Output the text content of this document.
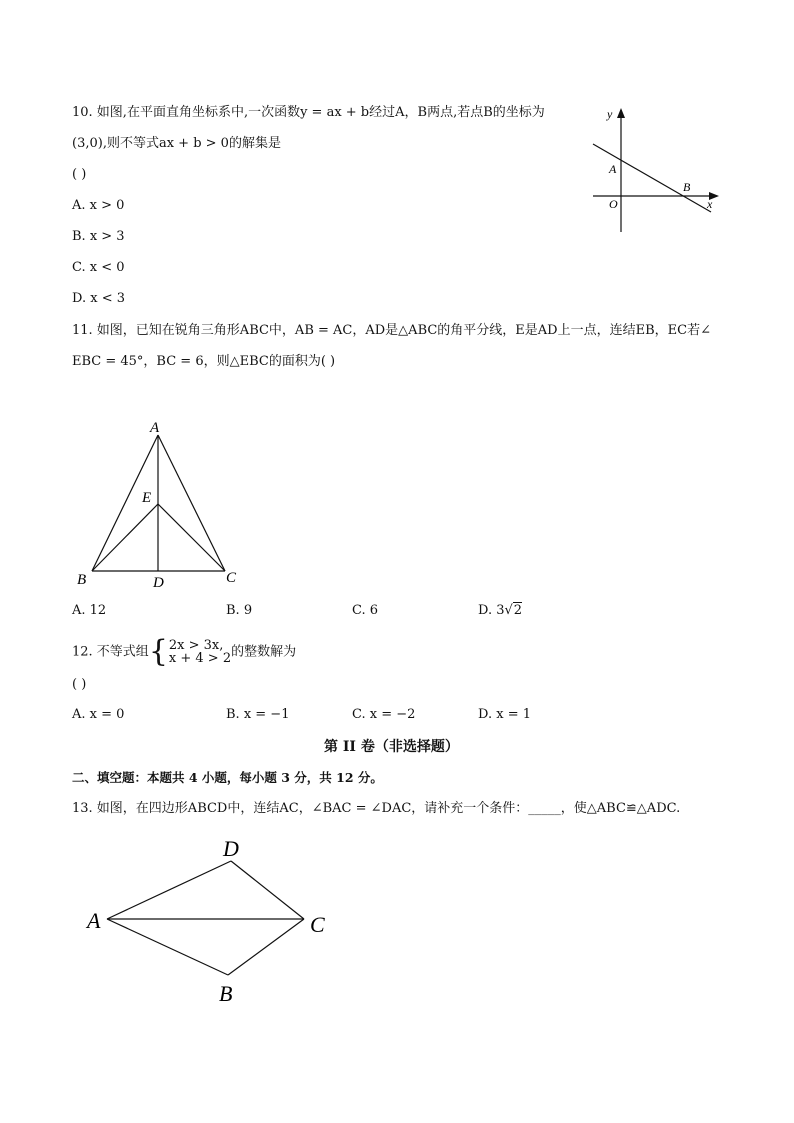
10. 如图,在平面直角坐标系中,一次函数y = ax + b经过A，B两点,若点B的坐标为
(3,0),则不等式ax + b > 0的解集是
( )
A. x > 0
B. x > 3
C. x < 0
D. x < 3
y
x
O
A
B
11. 如图，已知在锐角三角形ABC中，AB = AC，AD是△ABC的角平分线，E是AD上一点，连结EB，EC若∠
EBC = 45°，BC = 6，则△EBC的面积为( )
A
E
B	D	C
A. 12	B. 9	C. 6	D. 3√2
12. 不等式组 { 2x > 3x,
x + 4 > 2 的整数解为
( )
A. x = 0	B. x = −1	C. x = −2	D. x = 1
第 II 卷（非选择题）
二、填空题：本题共 4 小题，每小题 3 分，共 12 分。
13. 如图，在四边形ABCD中，连结AC，∠BAC = ∠DAC，请补充一个条件：_____，使△ABC≌△ADC.
D
A	C
B
